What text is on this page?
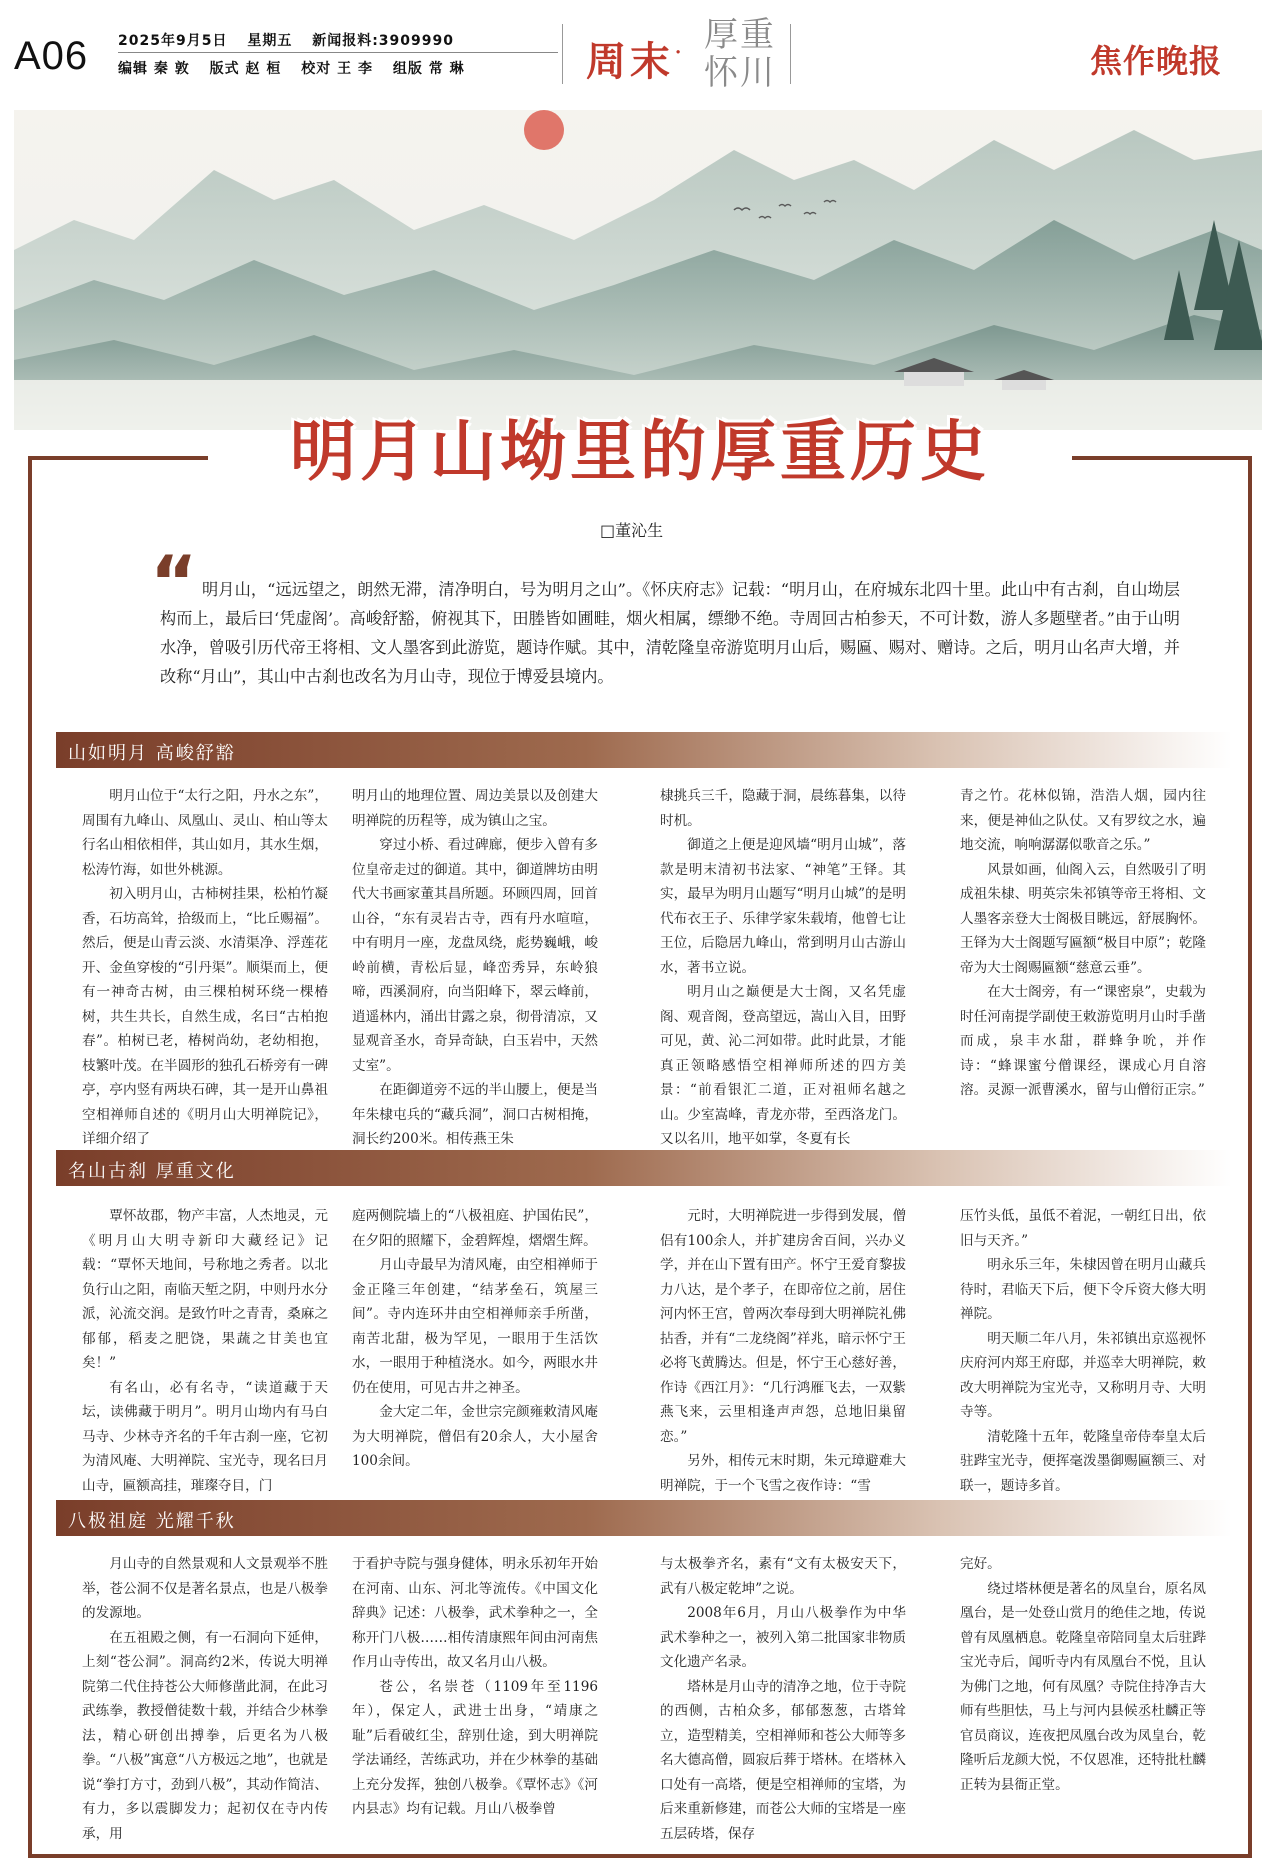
A06 2025年9月5日 星期五 新闻报料:3909990
编辑 秦 敦 版式 赵 桓 校对 王 李 组版 常 琳	周末 · 厚重
怀川	焦作晚报
明月山坳里的厚重历史
□董沁生
“ 明月山，“远远望之，朗然无滞，清净明白，号为明月之山”。《怀庆府志》记载：“明月山，在府城东北四十里。此山中有古刹，自山坳层构而上，最后曰‘凭虚阁’。高峻舒豁，俯视其下，田塍皆如圃畦，烟火相属，缥缈不绝。寺周回古柏参天，不可计数，游人多题壁者。”由于山明水净，曾吸引历代帝王将相、文人墨客到此游览，题诗作赋。其中，清乾隆皇帝游览明月山后，赐匾、赐对、赠诗。之后，明月山名声大增，并改称“月山”，其山中古刹也改名为月山寺，现位于博爱县境内。
山如明月 高峻舒豁

明月山位于“太行之阳，丹水之东”，周围有九峰山、凤凰山、灵山、柏山等太行名山相依相伴，其山如月，其水生烟，松涛竹海，如世外桃源。

初入明月山，古柿树挂果，松柏竹凝香，石坊高耸，拾级而上，“比丘赐福”。然后，便是山青云淡、水清渠净、浮莲花开、金鱼穿梭的“引丹渠”。顺渠而上，便有一神奇古树，由三棵柏树环绕一棵椿树，共生共长，自然生成，名曰“古柏抱春”。柏树已老，椿树尚幼，老幼相抱，枝繁叶茂。在半圆形的独孔石桥旁有一碑亭，亭内竖有两块石碑，其一是开山鼻祖空相禅师自述的《明月山大明禅院记》，详细介绍了

明月山的地理位置、周边美景以及创建大明禅院的历程等，成为镇山之宝。

穿过小桥、看过碑廊，便步入曾有多位皇帝走过的御道。其中，御道牌坊由明代大书画家董其昌所题。环顾四周，回首山谷，“东有灵岩古寺，西有丹水喧喧，中有明月一座，龙盘凤绕，彪势巍峨，峻岭前横，青松后显，峰峦秀异，东岭狼啼，西溪洞府，向当阳峰下，翠云峰前，逍遥林内，涌出甘露之泉，彻骨清凉，又显观音圣水，奇异奇缺，白玉岩中，天然丈室”。

在距御道旁不远的半山腰上，便是当年朱棣屯兵的“藏兵洞”，洞口古树相掩，洞长约200米。相传燕王朱

棣挑兵三千，隐藏于洞，晨练暮集，以待时机。

御道之上便是迎风墙“明月山城”，落款是明末清初书法家、“神笔”王铎。其实，最早为明月山题写“明月山城”的是明代布衣王子、乐律学家朱载堉，他曾七让王位，后隐居九峰山，常到明月山古游山水，著书立说。

明月山之巅便是大士阁，又名凭虚阁、观音阁，登高望远，嵩山入目，田野可见，黄、沁二河如带。此时此景，才能真正领略感悟空相禅师所述的四方美景：“前看银汇二道，正对祖师名越之山。少室嵩峰，青龙亦带，至西洛龙门。又以名川，地平如掌，冬夏有长

青之竹。花林似锦，浩浩人烟，园内往来，便是神仙之队仗。又有罗纹之水，遍地交流，响响潺潺似歌音之乐。”

风景如画，仙阁入云，自然吸引了明成祖朱棣、明英宗朱祁镇等帝王将相、文人墨客亲登大士阁极目眺远，舒展胸怀。王铎为大士阁题写匾额“极目中原”；乾隆帝为大士阁赐匾额“慈意云垂”。

在大士阁旁，有一“课密泉”，史载为时任河南提学副使王敕游览明月山时手凿而成，泉丰水甜，群蜂争吮，并作诗：“蜂课蜜兮僧课经，课成心月自溶溶。灵源一派曹溪水，留与山僧衍正宗。”

名山古刹 厚重文化

覃怀故郡，物产丰富，人杰地灵，元《明月山大明寺新印大藏经记》记载：“覃怀天地间，号称地之秀者。以北负行山之阳，南临天堑之阴，中则丹水分派，沁流交润。是致竹叶之青青，桑麻之郁郁，稻麦之肥饶，果蔬之甘美也宜矣！”

有名山，必有名寺，“读道藏于天坛，读佛藏于明月”。明月山坳内有马白马寺、少林寺齐名的千年古刹一座，它初为清风庵、大明禅院、宝光寺，现名曰月山寺，匾额高挂，璀璨夺目，门

庭两侧院墙上的“八极祖庭、护国佑民”，在夕阳的照耀下，金碧辉煌，熠熠生辉。

月山寺最早为清风庵，由空相禅师于金正隆三年创建，“结茅垒石，筑屋三间”。寺内连环井由空相禅师亲手所凿，南苦北甜，极为罕见，一眼用于生活饮水，一眼用于种植浇水。如今，两眼水井仍在使用，可见古井之神圣。

金大定二年，金世宗完颜雍敕清风庵为大明禅院，僧侣有20余人，大小屋舍100余间。

元时，大明禅院进一步得到发展，僧侣有100余人，并扩建房舍百间，兴办义学，并在山下置有田产。怀宁王爱育黎拔力八达，是个孝子，在即帝位之前，居住河内怀王宫，曾两次奉母到大明禅院礼佛拈香，并有“二龙绕阁”祥兆，暗示怀宁王必将飞黄腾达。但是，怀宁王心慈好善，作诗《西江月》：“几行鸿雁飞去，一双紫燕飞来，云里相逢声声怨，总地旧巢留恋。”

另外，相传元末时期，朱元璋避难大明禅院，于一个飞雪之夜作诗：“雪

压竹头低，虽低不着泥，一朝红日出，依旧与天齐。”

明永乐三年，朱棣因曾在明月山藏兵待时，君临天下后，便下令斥资大修大明禅院。

明天顺二年八月，朱祁镇出京巡视怀庆府河内郑王府邸，并巡幸大明禅院，敕改大明禅院为宝光寺，又称明月寺、大明寺等。

清乾隆十五年，乾隆皇帝侍奉皇太后驻跸宝光寺，便挥毫泼墨御赐匾额三、对联一，题诗多首。

八极祖庭 光耀千秋

月山寺的自然景观和人文景观举不胜举，苍公洞不仅是著名景点，也是八极拳的发源地。

在五祖殿之侧，有一石洞向下延伸，上刻“苍公洞”。洞高约2米，传说大明禅院第二代住持苍公大师修凿此洞，在此习武练拳，教授僧徒数十载，并结合少林拳法，精心研创出搏拳，后更名为八极拳。“八极”寓意“八方极远之地”，也就是说“拳打方寸，劲到八极”，其动作简洁、有力，多以震脚发力；起初仅在寺内传承，用

于看护寺院与强身健体，明永乐初年开始在河南、山东、河北等流传。《中国文化辞典》记述：八极拳，武术拳种之一，全称开门八极……相传清康熙年间由河南焦作月山寺传出，故又名月山八极。

苍公，名崇苍（1109年至1196年），保定人，武进士出身，“靖康之耻”后看破红尘，辞别仕途，到大明禅院学法诵经，苦练武功，并在少林拳的基础上充分发挥，独创八极拳。《覃怀志》《河内县志》均有记载。月山八极拳曾

与太极拳齐名，素有“文有太极安天下，武有八极定乾坤”之说。

2008年6月，月山八极拳作为中华武术拳种之一，被列入第二批国家非物质文化遗产名录。

塔林是月山寺的清净之地，位于寺院的西侧，古柏众多，郁郁葱葱，古塔耸立，造型精美，空相禅师和苍公大师等多名大德高僧，圆寂后葬于塔林。在塔林入口处有一高塔，便是空相禅师的宝塔，为后来重新修建，而苍公大师的宝塔是一座五层砖塔，保存

完好。

绕过塔林便是著名的凤皇台，原名凤凰台，是一处登山赏月的绝佳之地，传说曾有凤凰栖息。乾隆皇帝陪同皇太后驻跸宝光寺后，闻听寺内有凤凰台不悦，且认为佛门之地，何有凤凰？寺院住持净吉大师有些胆怯，马上与河内县候丞杜麟正等官员商议，连夜把凤凰台改为凤皇台，乾隆听后龙颜大悦，不仅恩准，还特批杜麟正转为县衙正堂。
